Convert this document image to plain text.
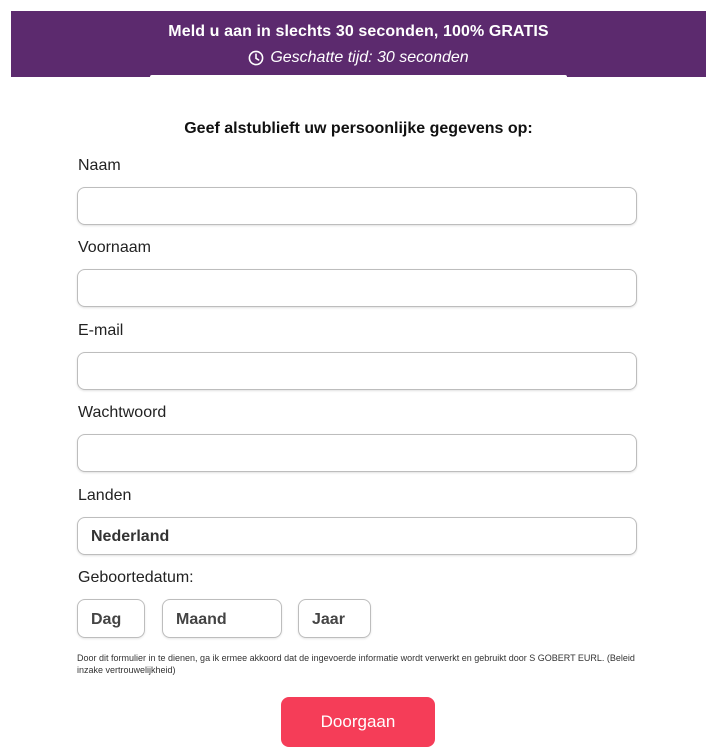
Meld u aan in slechts 30 seconden, 100% GRATIS
Geschatte tijd: 30 seconden
Geef alstublieft uw persoonlijke gegevens op:
Naam
Voornaam
E-mail
Wachtwoord
Landen
Nederland
Geboortedatum:
Dag	Maand	Jaar
Door dit formulier in te dienen, ga ik ermee akkoord dat de ingevoerde informatie wordt verwerkt en gebruikt door S GOBERT EURL. (Beleid inzake vertrouwelijkheid)
Doorgaan
